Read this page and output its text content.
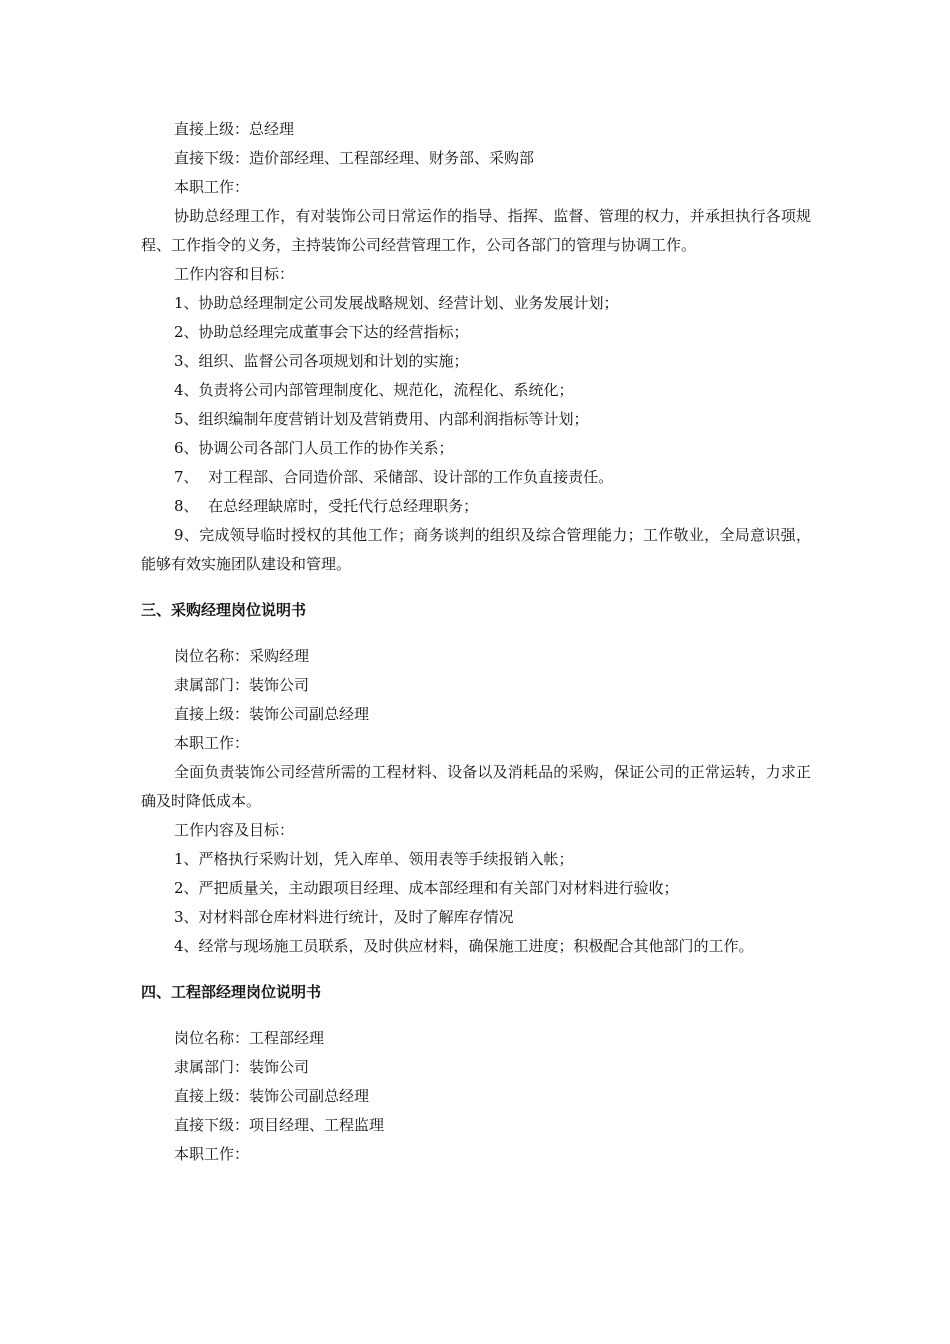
直接上级：总经理

直接下级：造价部经理、工程部经理、财务部、采购部

本职工作：

协助总经理工作，有对装饰公司日常运作的指导、指挥、监督、管理的权力，并承担执行各项规程、工作指令的义务，主持装饰公司经营管理工作，公司各部门的管理与协调工作。

工作内容和目标：

1、协助总经理制定公司发展战略规划、经营计划、业务发展计划；

2、协助总经理完成董事会下达的经营指标；

3、组织、监督公司各项规划和计划的实施；

4、负责将公司内部管理制度化、规范化，流程化、系统化；

5、组织编制年度营销计划及营销费用、内部利润指标等计划；

6、协调公司各部门人员工作的协作关系；

7、  对工程部、合同造价部、采储部、设计部的工作负直接责任。

8、  在总经理缺席时，受托代行总经理职务；

9、完成领导临时授权的其他工作；商务谈判的组织及综合管理能力；工作敬业，全局意识强，能够有效实施团队建设和管理。

三、采购经理岗位说明书

岗位名称：采购经理

隶属部门：装饰公司

直接上级：装饰公司副总经理

本职工作：

全面负责装饰公司经营所需的工程材料、设备以及消耗品的采购，保证公司的正常运转，力求正确及时降低成本。

工作内容及目标：

1、严格执行采购计划，凭入库单、领用表等手续报销入帐；

2、严把质量关，主动跟项目经理、成本部经理和有关部门对材料进行验收；

3、对材料部仓库材料进行统计，及时了解库存情况

4、经常与现场施工员联系，及时供应材料，确保施工进度；积极配合其他部门的工作。

四、工程部经理岗位说明书

岗位名称：工程部经理

隶属部门：装饰公司

直接上级：装饰公司副总经理

直接下级：项目经理、工程监理

本职工作：
